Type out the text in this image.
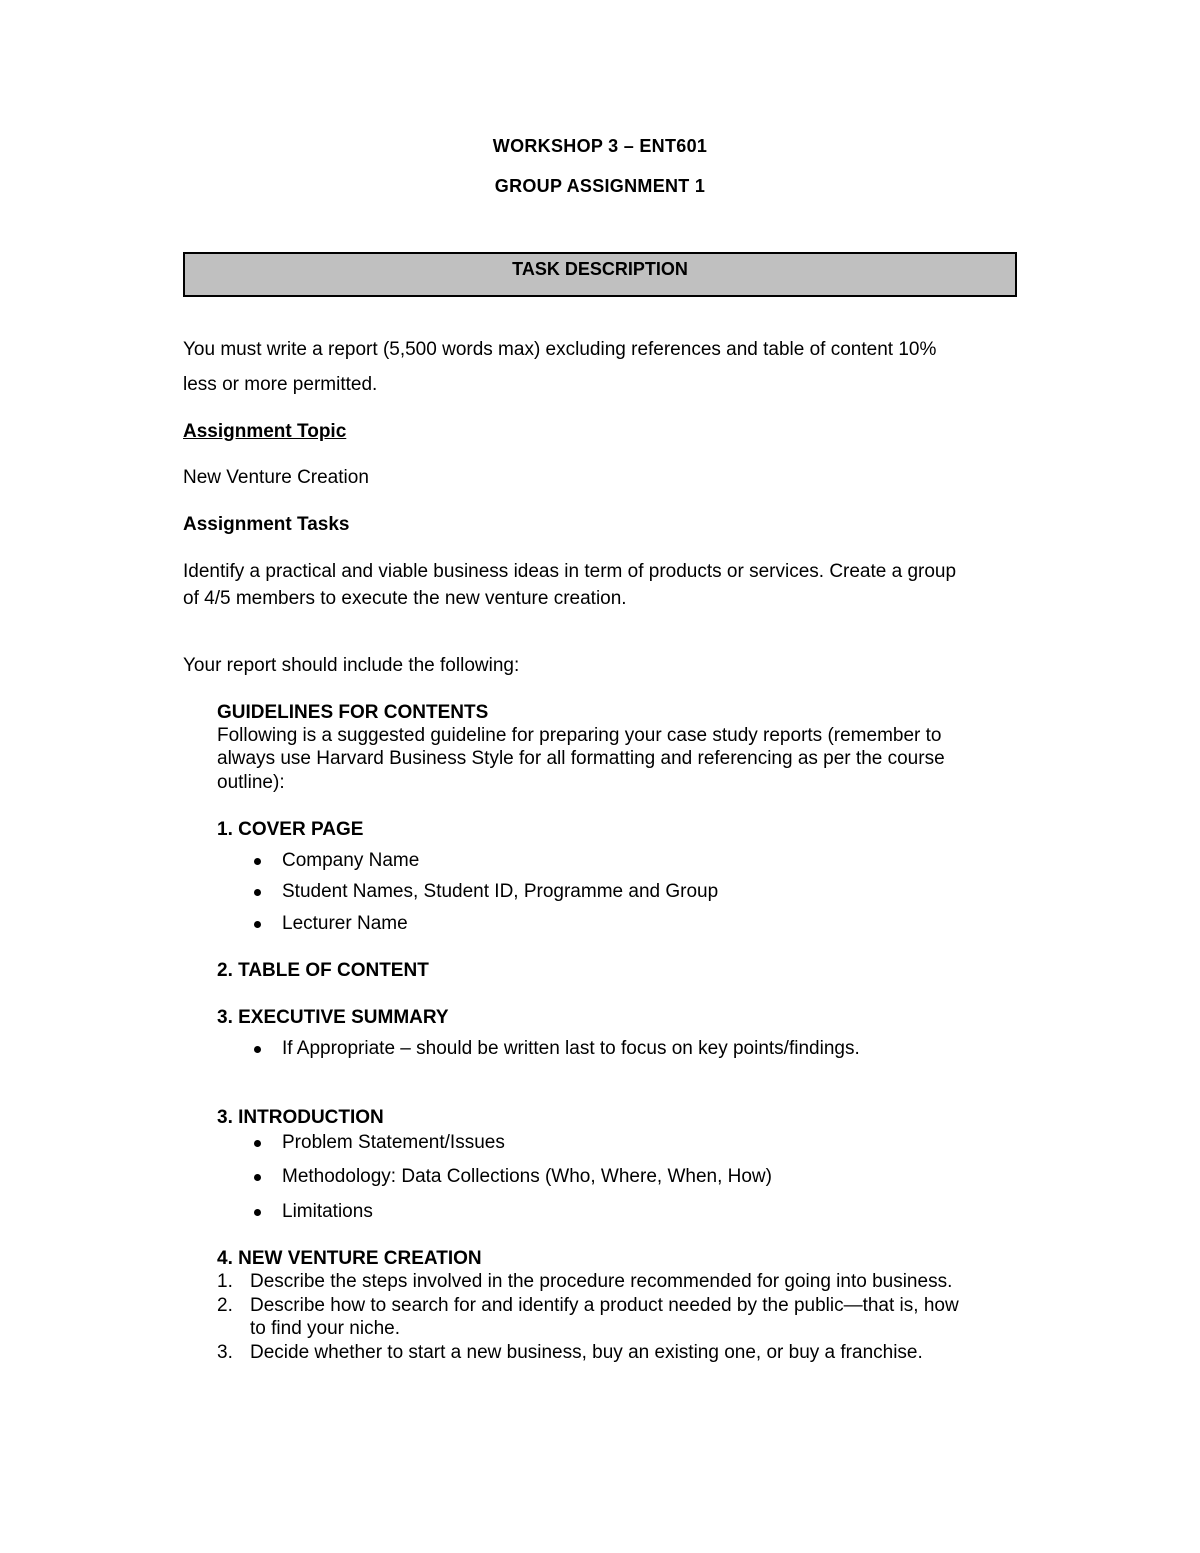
WORKSHOP 3 – ENT601
GROUP ASSIGNMENT 1
TASK DESCRIPTION
You must write a report (5,500 words max) excluding references and table of content 10%
less or more permitted.
Assignment Topic
New Venture Creation
Assignment Tasks
Identify a practical and viable business ideas in term of products or services. Create a group
of 4/5 members to execute the new venture creation.
Your report should include the following:
GUIDELINES FOR CONTENTS
Following is a suggested guideline for preparing your case study reports (remember to
always use Harvard Business Style for all formatting and referencing as per the course
outline):
1. COVER PAGE
Company Name
Student Names, Student ID, Programme and Group
Lecturer Name
2. TABLE OF CONTENT
3. EXECUTIVE SUMMARY
If Appropriate – should be written last to focus on key points/findings.
3. INTRODUCTION
Problem Statement/Issues
Methodology: Data Collections (Who, Where, When, How)
Limitations
4. NEW VENTURE CREATION
1. Describe the steps involved in the procedure recommended for going into business.
2. Describe how to search for and identify a product needed by the public—that is, how
to find your niche.
3. Decide whether to start a new business, buy an existing one, or buy a franchise.
